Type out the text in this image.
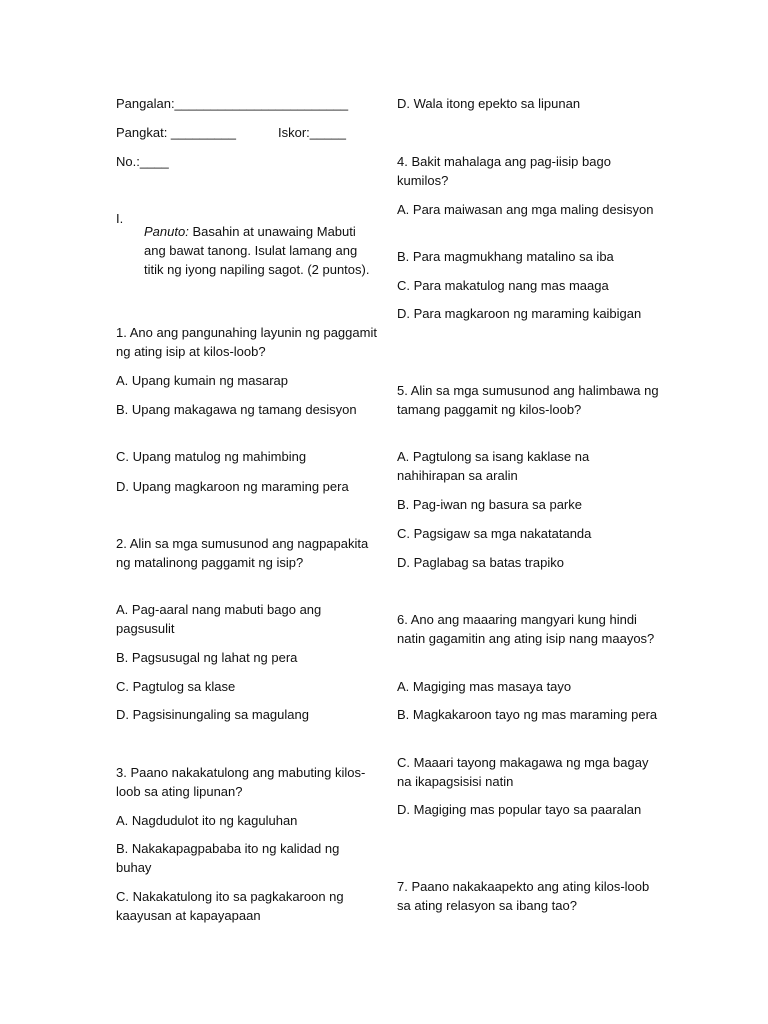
Pangalan:________________________

Pangkat: _________	Iskor:_____

No.:____

I.

Panuto: Basahin at unawaing Mabuti ang bawat tanong. Isulat lamang ang titik ng iyong napiling sagot. (2 puntos).

1. Ano ang pangunahing layunin ng paggamit ng ating isip at kilos-loob?

A. Upang kumain ng masarap

B. Upang makagawa ng tamang desisyon

C. Upang matulog ng mahimbing

D. Upang magkaroon ng maraming pera

2. Alin sa mga sumusunod ang nagpapakita ng matalinong paggamit ng isip?

A. Pag-aaral nang mabuti bago ang pagsusulit

B. Pagsusugal ng lahat ng pera

C. Pagtulog sa klase

D. Pagsisinungaling sa magulang

3. Paano nakakatulong ang mabuting kilos-loob sa ating lipunan?

A. Nagdudulot ito ng kaguluhan

B. Nakakapagpababa ito ng kalidad ng buhay

C. Nakakatulong ito sa pagkakaroon ng kaayusan at kapayapaan

D. Wala itong epekto sa lipunan

4. Bakit mahalaga ang pag-iisip bago kumilos?

A. Para maiwasan ang mga maling desisyon

B. Para magmukhang matalino sa iba

C. Para makatulog nang mas maaga

D. Para magkaroon ng maraming kaibigan

5. Alin sa mga sumusunod ang halimbawa ng tamang paggamit ng kilos-loob?

A. Pagtulong sa isang kaklase na nahihirapan sa aralin

B. Pag-iwan ng basura sa parke

C. Pagsigaw sa mga nakatatanda

D. Paglabag sa batas trapiko

6. Ano ang maaaring mangyari kung hindi natin gagamitin ang ating isip nang maayos?

A. Magiging mas masaya tayo

B. Magkakaroon tayo ng mas maraming pera

C. Maaari tayong makagawa ng mga bagay na ikapagsisisi natin

D. Magiging mas popular tayo sa paaralan

7. Paano nakakaapekto ang ating kilos-loob sa ating relasyon sa ibang tao?
